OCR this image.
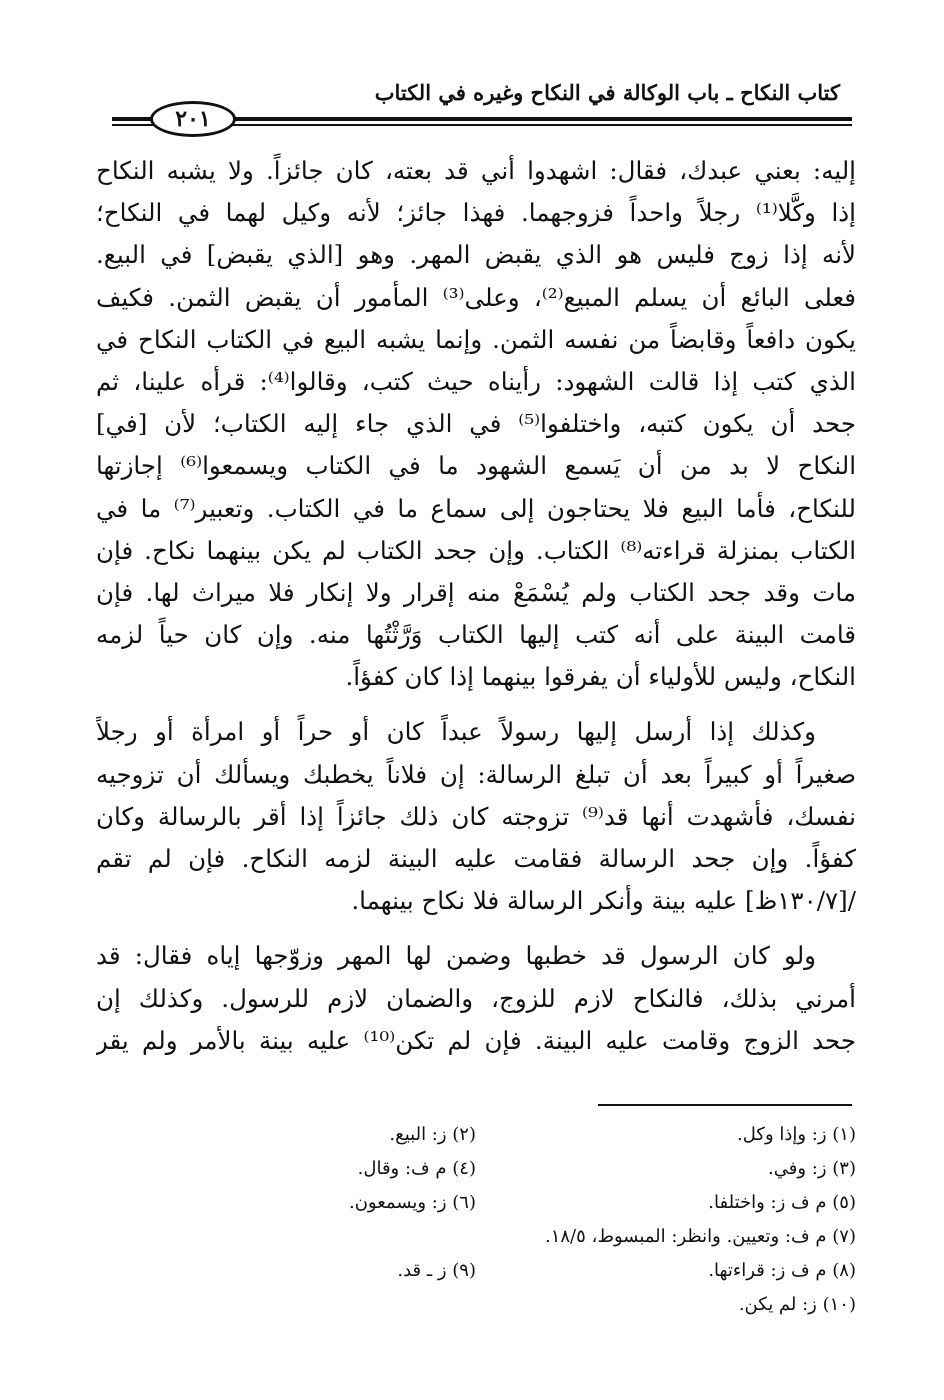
كتاب النكاح ـ باب الوكالة في النكاح وغيره في الكتاب
٢٠١
إليه: بعني عبدك، فقال: اشهدوا أني قد بعته، كان جائزاً. ولا يشبه النكاح
إذا وكَّلا⁽¹⁾ رجلاً واحداً فزوجهما. فهذا جائز؛ لأنه وكيل لهما في النكاح؛
لأنه إذا زوج فليس هو الذي يقبض المهر. وهو [الذي يقبض] في البيع.
فعلى البائع أن يسلم المبيع⁽²⁾، وعلى⁽³⁾ المأمور أن يقبض الثمن. فكيف
يكون دافعاً وقابضاً من نفسه الثمن. وإنما يشبه البيع في الكتاب النكاح في
الذي كتب إذا قالت الشهود: رأيناه حيث كتب، وقالوا⁽⁴⁾: قرأه علينا، ثم
جحد أن يكون كتبه، واختلفوا⁽⁵⁾ في الذي جاء إليه الكتاب؛ لأن [في]
النكاح لا بد من أن يَسمع الشهود ما في الكتاب ويسمعوا⁽⁶⁾ إجازتها
للنكاح، فأما البيع فلا يحتاجون إلى سماع ما في الكتاب. وتعبير⁽⁷⁾ ما في
الكتاب بمنزلة قراءته⁽⁸⁾ الكتاب. وإن جحد الكتاب لم يكن بينهما نكاح. فإن
مات وقد جحد الكتاب ولم يُسْمَعْ منه إقرار ولا إنكار فلا ميراث لها. فإن
قامت البينة على أنه كتب إليها الكتاب وَرَّثْتُها منه. وإن كان حياً لزمه
النكاح، وليس للأولياء أن يفرقوا بينهما إذا كان كفؤاً.
وكذلك إذا أرسل إليها رسولاً عبداً كان أو حراً أو امرأة أو رجلاً
صغيراً أو كبيراً بعد أن تبلغ الرسالة: إن فلاناً يخطبك ويسألك أن تزوجيه
نفسك، فأشهدت أنها قد⁽⁹⁾ تزوجته كان ذلك جائزاً إذا أقر بالرسالة وكان
كفؤاً. وإن جحد الرسالة فقامت عليه البينة لزمه النكاح. فإن لم تقم
/[١٣٠/٧ظ] عليه بينة وأنكر الرسالة فلا نكاح بينهما.
ولو كان الرسول قد خطبها وضمن لها المهر وزوّجها إياه فقال: قد
أمرني بذلك، فالنكاح لازم للزوج، والضمان لازم للرسول. وكذلك إن
جحد الزوج وقامت عليه البينة. فإن لم تكن⁽¹⁰⁾ عليه بينة بالأمر ولم يقر
(١) ز: وإذا وكل.
(٢) ز: البيع.
(٣) ز: وفي.
(٤) م ف: وقال.
(٥) م ف ز: واختلفا.
(٦) ز: ويسمعون.
(٧) م ف: وتعيين. وانظر: المبسوط، ١٨/٥.
(٨) م ف ز: قراءتها.
(٩) ز ـ قد.
(١٠) ز: لم يكن.
